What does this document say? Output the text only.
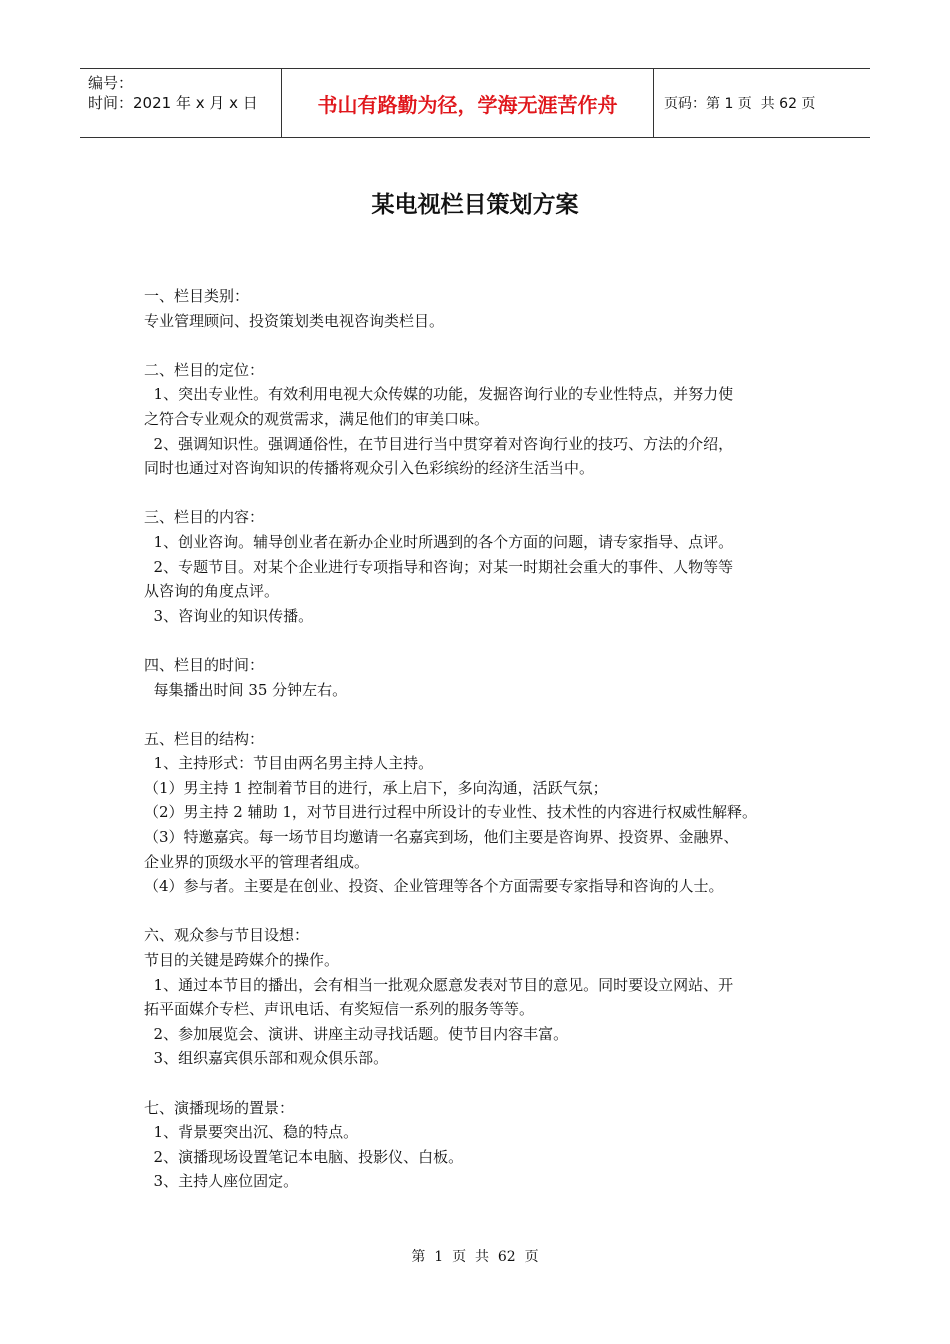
编号：
时间：2021 年 x 月 x 日	书山有路勤为径，学海无涯苦作舟	页码：第 1 页  共 62 页
某电视栏目策划方案

一、栏目类别：

专业管理顾问、投资策划类电视咨询类栏目。

二、栏目的定位：

1、突出专业性。有效利用电视大众传媒的功能，发掘咨询行业的专业性特点，并努力使

之符合专业观众的观赏需求，满足他们的审美口味。

2、强调知识性。强调通俗性，在节目进行当中贯穿着对咨询行业的技巧、方法的介绍，

同时也通过对咨询知识的传播将观众引入色彩缤纷的经济生活当中。

三、栏目的内容：

1、创业咨询。辅导创业者在新办企业时所遇到的各个方面的问题，请专家指导、点评。

2、专题节目。对某个企业进行专项指导和咨询；对某一时期社会重大的事件、人物等等

从咨询的角度点评。

3、咨询业的知识传播。

四、栏目的时间：

每集播出时间 35 分钟左右。

五、栏目的结构：

1、主持形式：节目由两名男主持人主持。

（1）男主持 1 控制着节目的进行，承上启下，多向沟通，活跃气氛；

（2）男主持 2 辅助 1，对节目进行过程中所设计的专业性、技术性的内容进行权威性解释。

（3）特邀嘉宾。每一场节目均邀请一名嘉宾到场，他们主要是咨询界、投资界、金融界、

企业界的顶级水平的管理者组成。

（4）参与者。主要是在创业、投资、企业管理等各个方面需要专家指导和咨询的人士。

六、观众参与节目设想：

节目的关键是跨媒介的操作。

1、通过本节目的播出，会有相当一批观众愿意发表对节目的意见。同时要设立网站、开

拓平面媒介专栏、声讯电话、有奖短信一系列的服务等等。

2、参加展览会、演讲、讲座主动寻找话题。使节目内容丰富。

3、组织嘉宾俱乐部和观众俱乐部。

七、演播现场的置景：

1、背景要突出沉、稳的特点。

2、演播现场设置笔记本电脑、投影仪、白板。

3、主持人座位固定。

第  1  页  共  62  页
